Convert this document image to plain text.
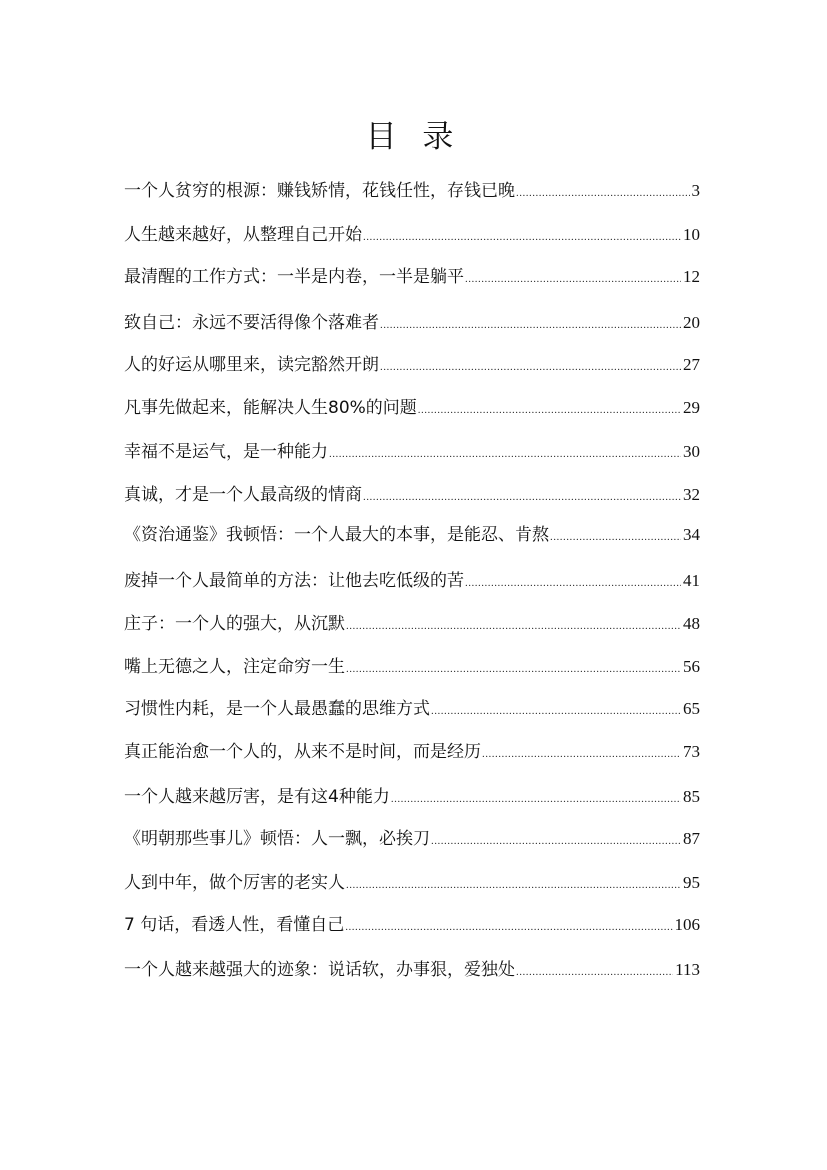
目 录
一个人贫穷的根源：赚钱矫情，花钱任性，存钱已晚 .....	3
人生越来越好，从整理自己开始 .....	10
最清醒的工作方式：一半是内卷，一半是躺平 .....	12
致自己：永远不要活得像个落难者 .....	20
人的好运从哪里来，读完豁然开朗 .....	27
凡事先做起来，能解决人生80%的问题 .....	29
幸福不是运气，是一种能力 .....	30
真诚，才是一个人最高级的情商 .....	32
《资治通鉴》我顿悟：一个人最大的本事，是能忍、肯熬 .....	34
废掉一个人最简单的方法：让他去吃低级的苦 .....	41
庄子：一个人的强大，从沉默 .....	48
嘴上无德之人，注定命穷一生 .....	56
习惯性内耗，是一个人最愚蠢的思维方式 .....	65
真正能治愈一个人的，从来不是时间，而是经历 .....	73
一个人越来越厉害，是有这4种能力 .....	85
《明朝那些事儿》顿悟：人一飘，必挨刀 .....	87
人到中年，做个厉害的老实人 .....	95
7 句话，看透人性，看懂自己 .....	106
一个人越来越强大的迹象：说话软，办事狠，爱独处 .....	113
